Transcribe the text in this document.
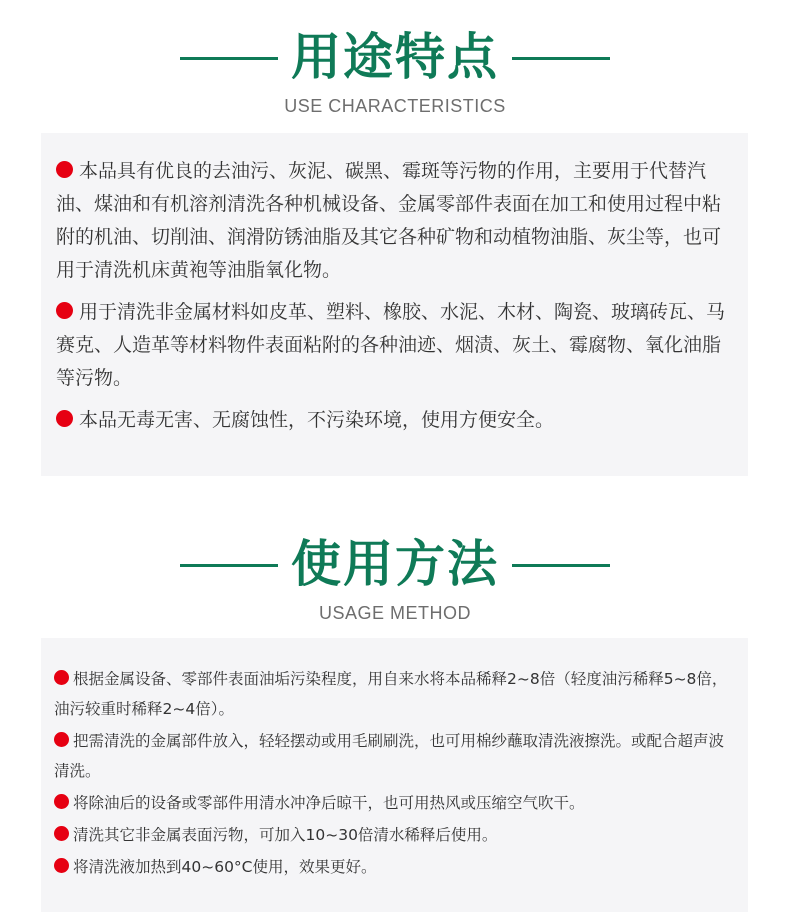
用途特点
USE CHARACTERISTICS

本品具有优良的去油污、灰泥、碳黑、霉斑等污物的作用，主要用于代替汽油、煤油和有机溶剂清洗各种机械设备、金属零部件表面在加工和使用过程中粘附的机油、切削油、润滑防锈油脂及其它各种矿物和动植物油脂、灰尘等，也可用于清洗机床黄袍等油脂氧化物。

用于清洗非金属材料如皮革、塑料、橡胶、水泥、木材、陶瓷、玻璃砖瓦、马赛克、人造革等材料物件表面粘附的各种油迹、烟渍、灰土、霉腐物、氧化油脂等污物。

本品无毒无害、无腐蚀性，不污染环境，使用方便安全。

使用方法
USAGE METHOD

根据金属设备、零部件表面油垢污染程度，用自来水将本品稀释2~8倍（轻度油污稀释5~8倍，油污较重时稀释2~4倍）。

把需清洗的金属部件放入，轻轻摆动或用毛刷刷洗，也可用棉纱蘸取清洗液擦洗。或配合超声波清洗。

将除油后的设备或零部件用清水冲净后晾干，也可用热风或压缩空气吹干。

清洗其它非金属表面污物，可加入10~30倍清水稀释后使用。

将清洗液加热到40~60°C使用，效果更好。
